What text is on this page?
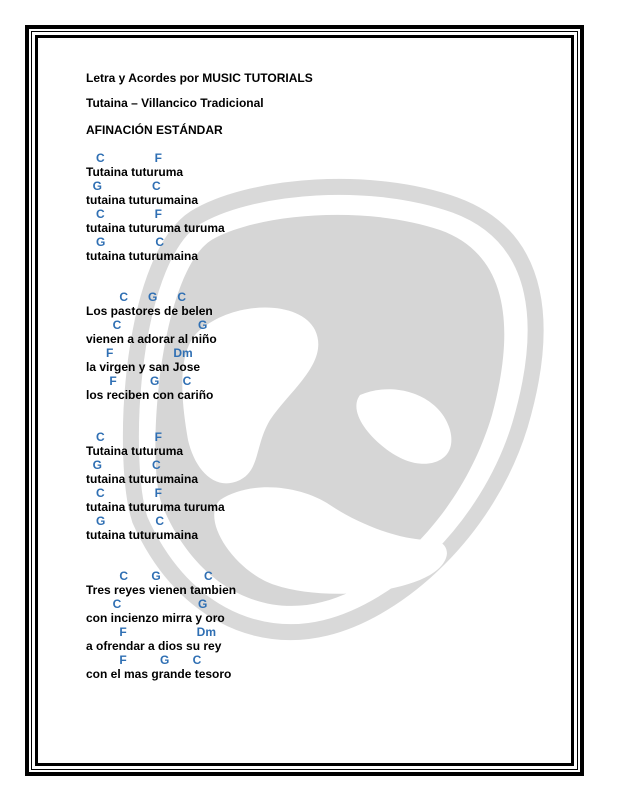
Letra y Acordes por MUSIC TUTORIALS

Tutaina – Villancico Tradicional

AFINACIÓN ESTÁNDAR

C               F

Tutaina tuturuma

G               C

tutaina tuturumaina

C               F

tutaina tuturuma turuma

G               C

tutaina tuturumaina

C      G      C

Los pastores de belen

C                       G

vienen a adorar al niño

F                  Dm

la virgen y san Jose

F          G       C

los reciben con cariño

C               F

Tutaina tuturuma

G               C

tutaina tuturumaina

C               F

tutaina tuturuma turuma

G               C

tutaina tuturumaina

C       G             C

Tres reyes vienen tambien

C                       G

con incienzo mirra y oro

F                     Dm

a ofrendar a dios su rey

F          G       C

con el mas grande tesoro
